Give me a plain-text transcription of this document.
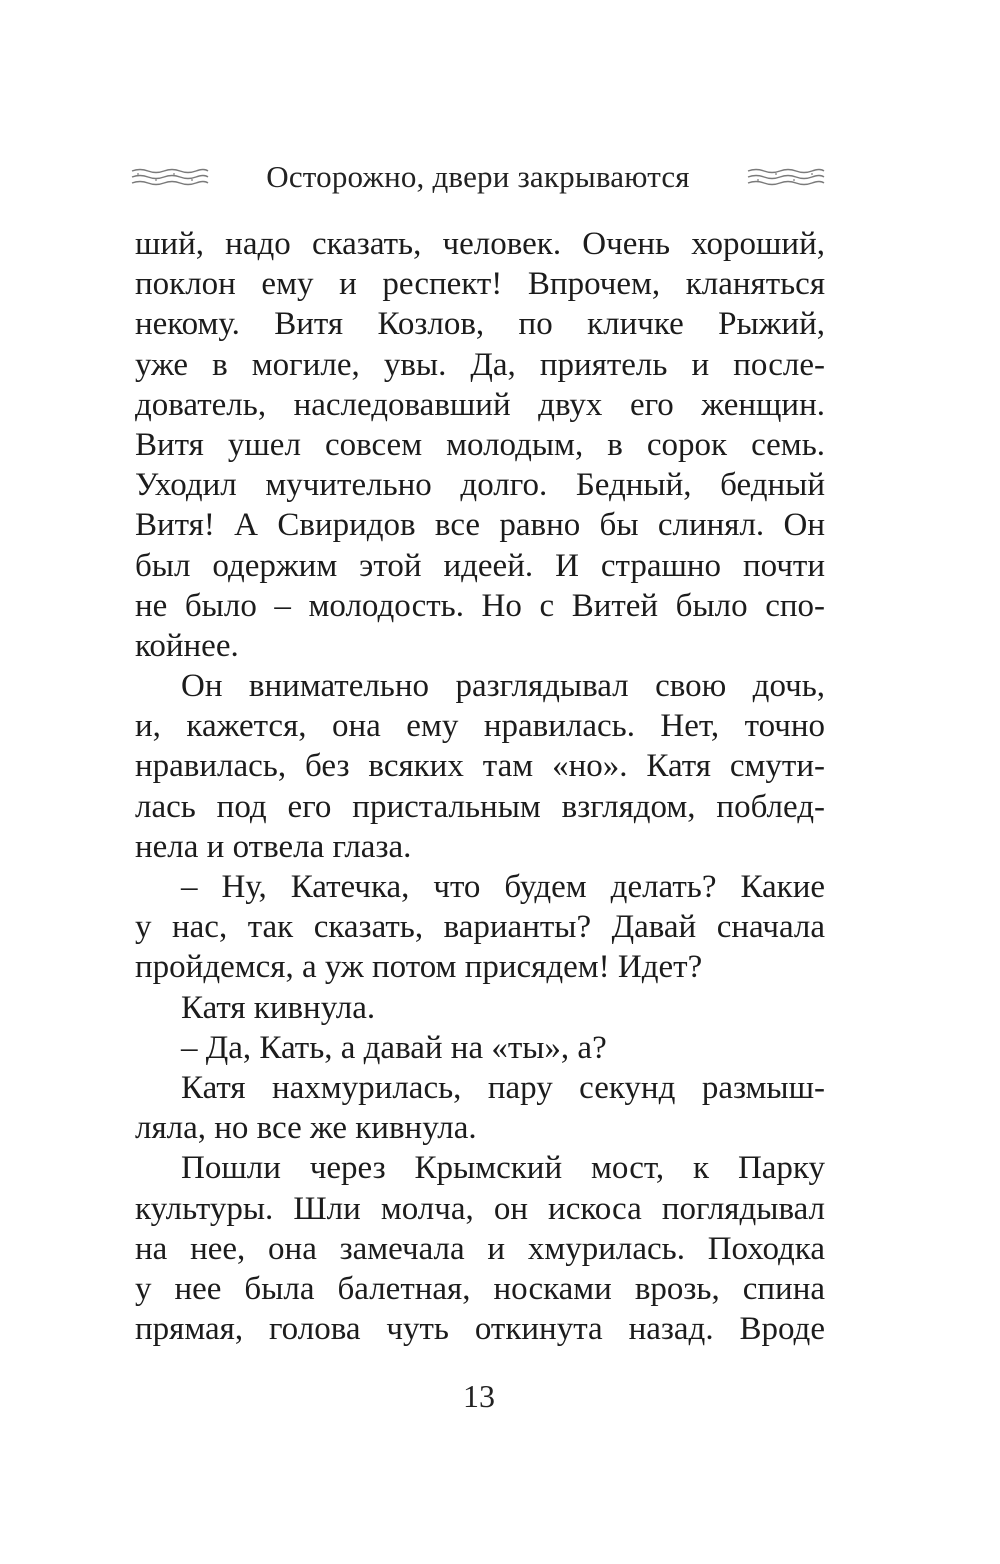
Осторожно, двери закрываются
ший, надо сказать, человек. Очень хороший,
поклон ему и респект! Впрочем, кланяться
некому. Витя Козлов, по кличке Рыжий,
уже в могиле, увы. Да, приятель и после-
дователь, наследовавший двух его женщин.
Витя ушел совсем молодым, в сорок семь.
Уходил мучительно долго. Бедный, бедный
Витя! А Свиридов все равно бы слинял. Он
был одержим этой идеей. И страшно почти
не было – молодость. Но с Витей было спо-
койнее.
Он внимательно разглядывал свою дочь,
и, кажется, она ему нравилась. Нет, точно
нравилась, без всяких там «но». Катя смути-
лась под его пристальным взглядом, поблед-
нела и отвела глаза.
– Ну, Катечка, что будем делать? Какие
у нас, так сказать, варианты? Давай сначала
пройдемся, а уж потом присядем! Идет?
Катя кивнула.
– Да, Кать, а давай на «ты», а?
Катя нахмурилась, пару секунд размыш-
ляла, но все же кивнула.
Пошли через Крымский мост, к Парку
культуры. Шли молча, он искоса поглядывал
на нее, она замечала и хмурилась. Походка
у нее была балетная, носками врозь, спина
прямая, голова чуть откинута назад. Вроде
13
